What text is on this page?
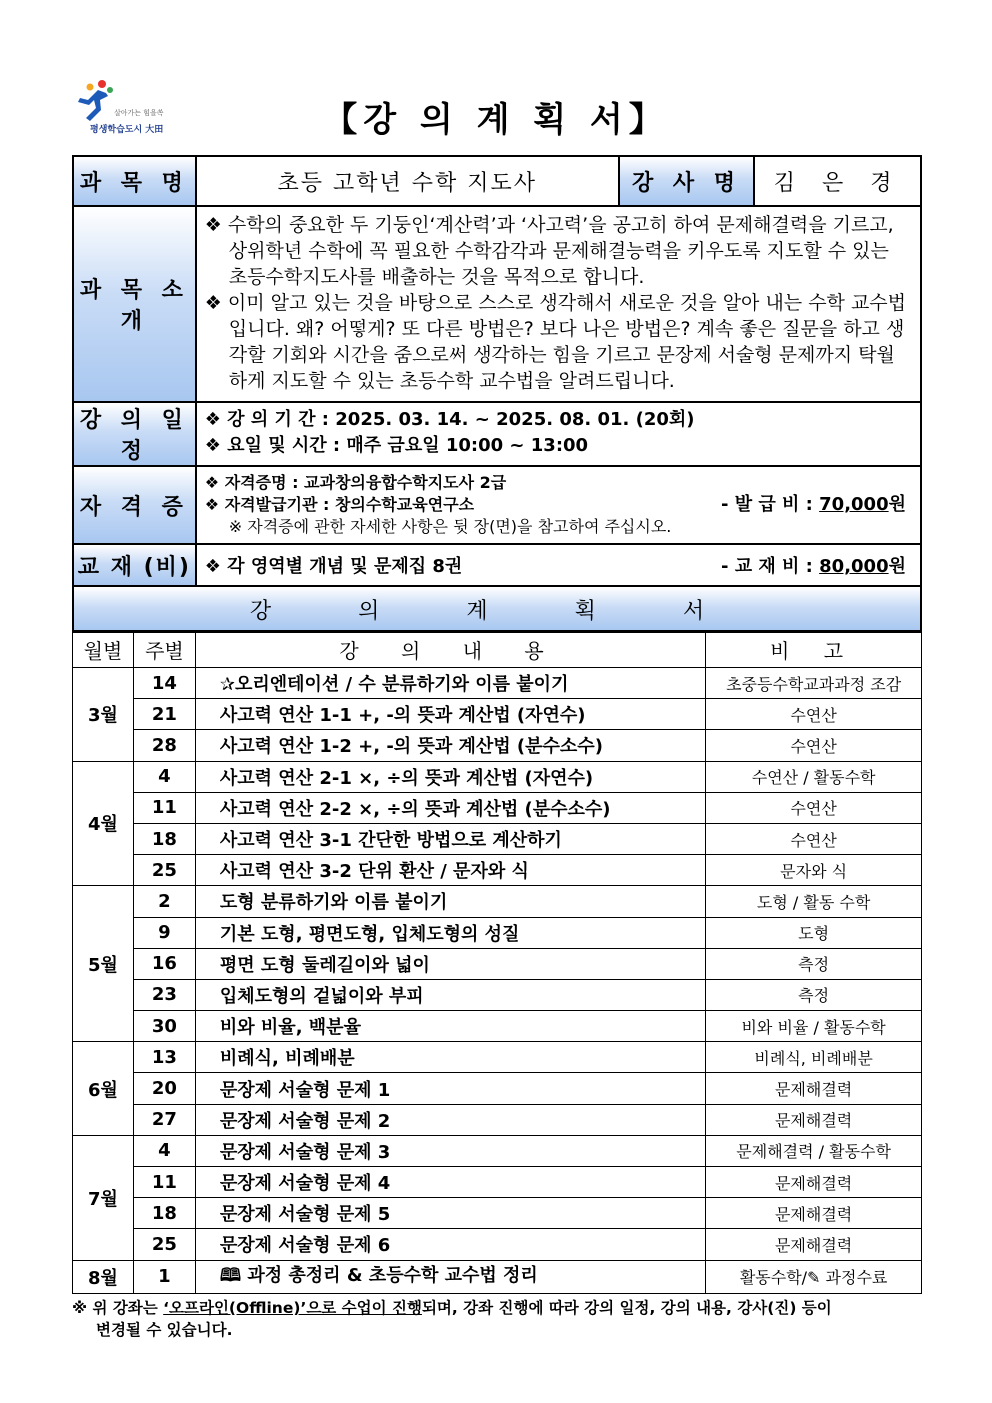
살아가는 힘을쏙
평생학습도시 大田	【강 의 계 획 서】
과 목 명	초등 고학년 수학 지도사	강 사 명	김 은 경
과 목 소 개	❖ 수학의 중요한 두 기둥인‘계산력’과 ‘사고력’을 공고히 하여 문제해결력을 기르고, 상위학년 수학에 꼭 필요한 수학감각과 문제해결능력을 키우도록 지도할 수 있는 초등수학지도사를 배출하는 것을 목적으로 합니다.

❖ 이미 알고 있는 것을 바탕으로 스스로 생각해서 새로운 것을 알아 내는 수학 교수법입니다. 왜? 어떻게? 또 다른 방법은? 보다 나은 방법은? 계속 좋은 질문을 하고 생각할 기회와 시간을 줌으로써 생각하는 힘을 기르고 문장제 서술형 문제까지 탁월하게 지도할 수 있는 초등수학 교수법을 알려드립니다.		

강 의 일 정	❖ 강 의 기 간 : 2025. 03. 14. ~ 2025. 08. 01. (20회)

❖ 요일 및 시간 : 매주 금요일 10:00 ~ 13:00		

자 격 증	❖ 자격증명 : 교과창의융합수학지도사 2급
❖ 자격발급기관 : 창의수학교육연구소 - 발 급 비 : 70,000원
※ 자격증에 관한 자세한 사항은 뒷 장(면)을 참고하여 주십시오.		

교 재 (비)	❖ 각 영역별 개념 및 문제집 8권 - 교 재 비 : 80,000원		

강 의 계 획 서			
월별	주별	강 의 내 용	비 고
3월	14	✰오리엔테이션 / 수 분류하기와 이름 붙이기	초중등수학교과과정 조감
	21	사고력 연산 1-1 +, -의 뜻과 계산법 (자연수)	수연산
	28	사고력 연산 1-2 +, -의 뜻과 계산법 (분수소수)	수연산
4월	4	사고력 연산 2-1 ×, ÷의 뜻과 계산법 (자연수)	수연산 / 활동수학
	11	사고력 연산 2-2 ×, ÷의 뜻과 계산법 (분수소수)	수연산
	18	사고력 연산 3-1 간단한 방법으로 계산하기	수연산
	25	사고력 연산 3-2 단위 환산 / 문자와 식	문자와 식
5월	2	도형 분류하기와 이름 붙이기	도형 / 활동 수학
	9	기본 도형, 평면도형, 입체도형의 성질	도형
	16	평면 도형 둘레길이와 넓이	측정
	23	입체도형의 겉넓이와 부피	측정
	30	비와 비율, 백분율	비와 비율 / 활동수학
6월	13	비례식, 비례배분	비례식, 비례배분
	20	문장제 서술형 문제 1	문제해결력
	27	문장제 서술형 문제 2	문제해결력
7월	4	문장제 서술형 문제 3	문제해결력 / 활동수학
	11	문장제 서술형 문제 4	문제해결력
	18	문장제 서술형 문제 5	문제해결력
	25	문장제 서술형 문제 6	문제해결력
8월	1	🕮 과정 총정리 & 초등수학 교수법 정리	활동수학/✎ 과정수료
※ 위 강좌는 ‘오프라인(Offline)’으로 수업이 진행되며, 강좌 진행에 따라 강의 일정, 강의 내용, 강사(진) 등이
변경될 수 있습니다.
